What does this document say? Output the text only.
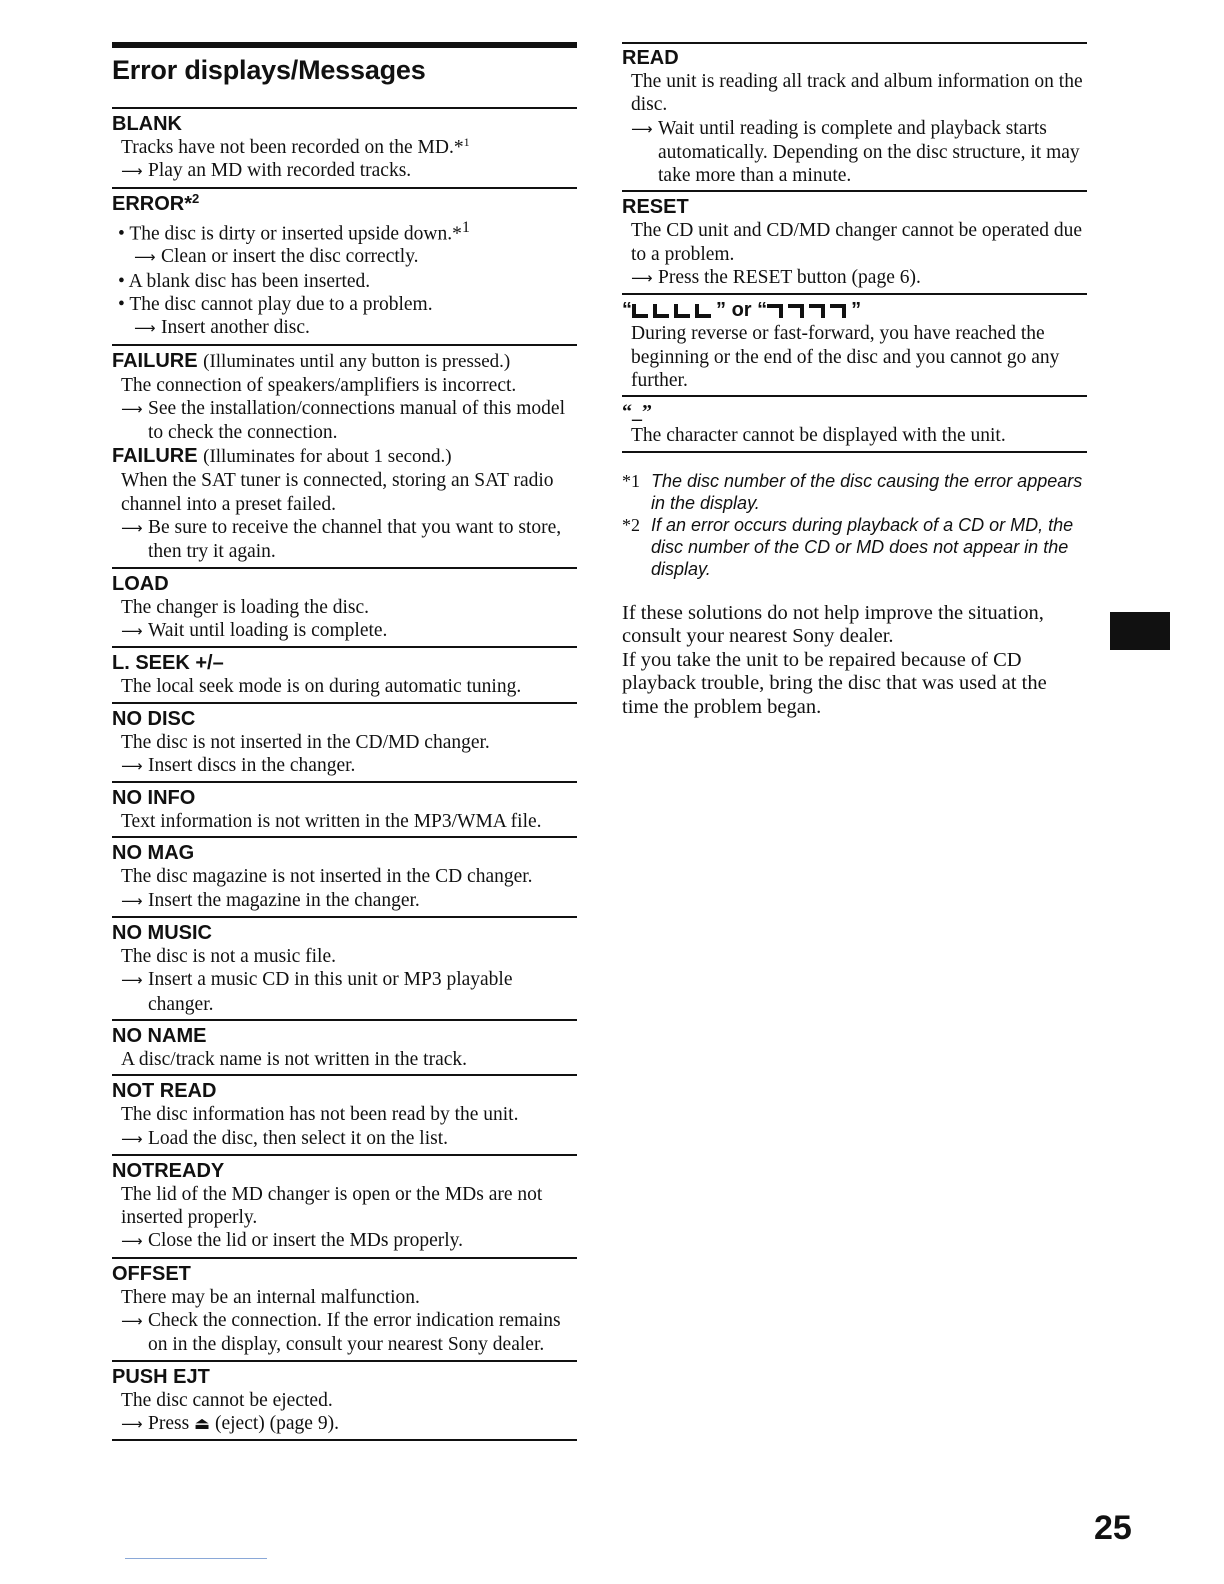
Error displays/Messages
BLANK
Tracks have not been recorded on the MD.*$^1$
⟶ Play an MD with recorded tracks.
ERROR*$^2$
• The disc is dirty or inserted upside down.*$^1$
⟶ Clean or insert the disc correctly.
• A blank disc has been inserted.
• The disc cannot play due to a problem.
⟶ Insert another disc.
FAILURE (Illuminates until any button is pressed.)
The connection of speakers/amplifiers is incorrect.
⟶ See the installation/connections manual of this model to check the connection.
FAILURE (Illuminates for about 1 second.)
When the SAT tuner is connected, storing an SAT radio channel into a preset failed.
⟶ Be sure to receive the channel that you want to store, then try it again.
LOAD
The changer is loading the disc.
⟶ Wait until loading is complete.
L. SEEK +/–
The local seek mode is on during automatic tuning.
NO DISC
The disc is not inserted in the CD/MD changer.
⟶ Insert discs in the changer.
NO INFO
Text information is not written in the MP3/WMA file.
NO MAG
The disc magazine is not inserted in the CD changer.
⟶ Insert the magazine in the changer.
NO MUSIC
The disc is not a music file.
⟶ Insert a music CD in this unit or MP3 playable changer.
NO NAME
A disc/track name is not written in the track.
NOT READ
The disc information has not been read by the unit.
⟶ Load the disc, then select it on the list.
NOTREADY
The lid of the MD changer is open or the MDs are not inserted properly.
⟶ Close the lid or insert the MDs properly.
OFFSET
There may be an internal malfunction.
⟶ Check the connection. If the error indication remains on in the display, consult your nearest Sony dealer.
PUSH EJT
The disc cannot be ejected.
⟶ Press ⏏ (eject) (page 9).
READ
The unit is reading all track and album information on the disc.
⟶ Wait until reading is complete and playback starts automatically. Depending on the disc structure, it may take more than a minute.
RESET
The CD unit and CD/MD changer cannot be operated due to a problem.
⟶ Press the RESET button (page 6).
“	” or “	”
During reverse or fast-forward, you have reached the beginning or the end of the disc and you cannot go any further.
“_”
The character cannot be displayed with the unit.
*1 The disc number of the disc causing the error appears in the display.
*2 If an error occurs during playback of a CD or MD, the disc number of the CD or MD does not appear in the display.

If these solutions do not help improve the situation, consult your nearest Sony dealer.

If you take the unit to be repaired because of CD playback trouble, bring the disc that was used at the time the problem began.

25
